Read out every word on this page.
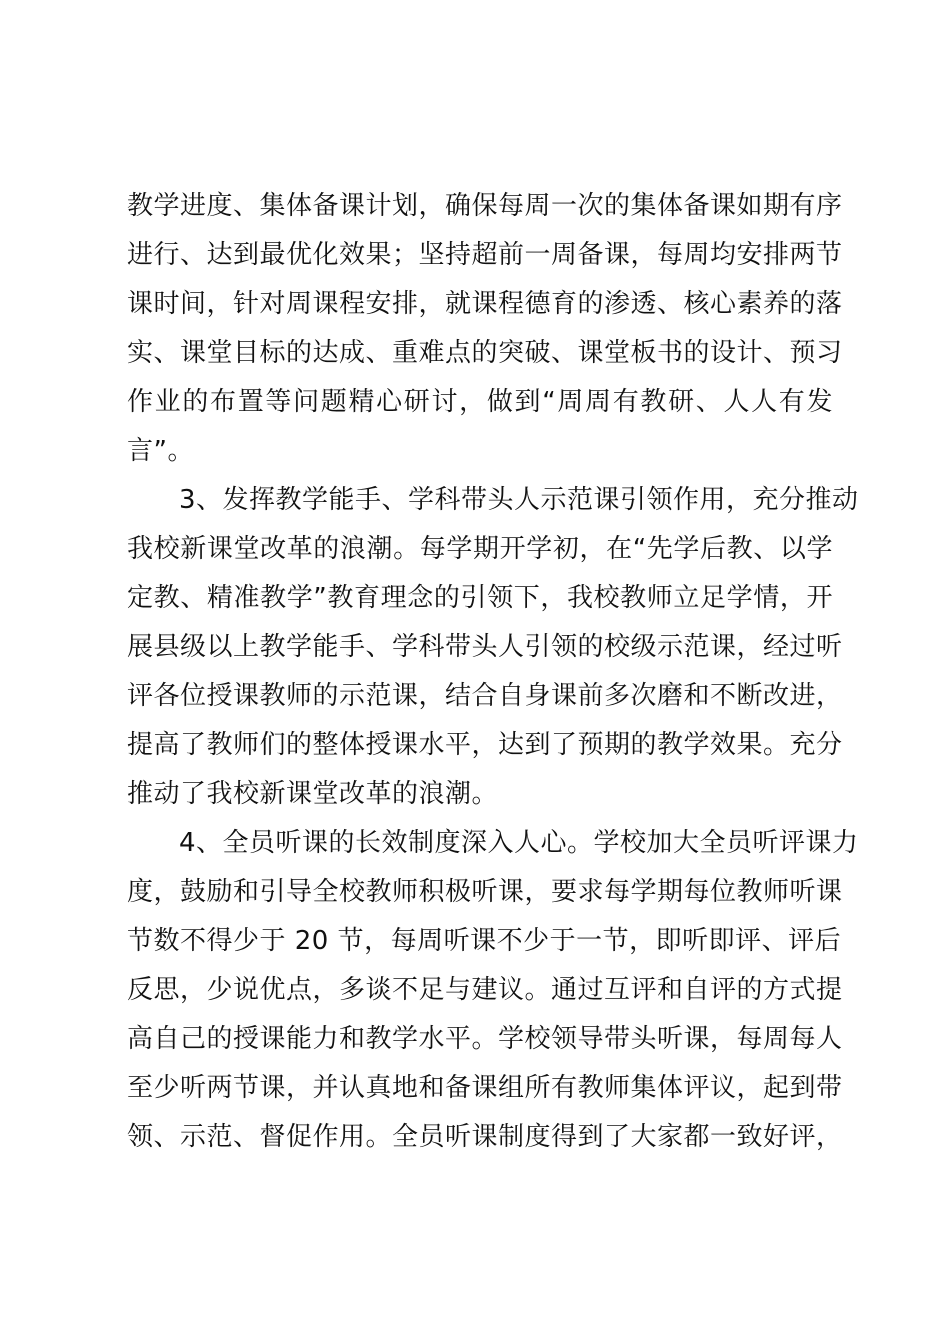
教学进度、集体备课计划，确保每周一次的集体备课如期有序
进行、达到最优化效果；坚持超前一周备课，每周均安排两节
课时间，针对周课程安排，就课程德育的渗透、核心素养的落
实、课堂目标的达成、重难点的突破、课堂板书的设计、预习
作业的布置等问题精心研讨，做到“周周有教研、人人有发
言”。
3、发挥教学能手、学科带头人示范课引领作用，充分推动
我校新课堂改革的浪潮。每学期开学初，在“先学后教、以学
定教、精准教学”教育理念的引领下，我校教师立足学情，开
展县级以上教学能手、学科带头人引领的校级示范课，经过听
评各位授课教师的示范课，结合自身课前多次磨和不断改进，
提高了教师们的整体授课水平，达到了预期的教学效果。充分
推动了我校新课堂改革的浪潮。
4、全员听课的长效制度深入人心。学校加大全员听评课力
度，鼓励和引导全校教师积极听课，要求每学期每位教师听课
节数不得少于 20 节，每周听课不少于一节，即听即评、评后
反思，少说优点，多谈不足与建议。通过互评和自评的方式提
高自己的授课能力和教学水平。学校领导带头听课，每周每人
至少听两节课，并认真地和备课组所有教师集体评议，起到带
领、示范、督促作用。全员听课制度得到了大家都一致好评，
